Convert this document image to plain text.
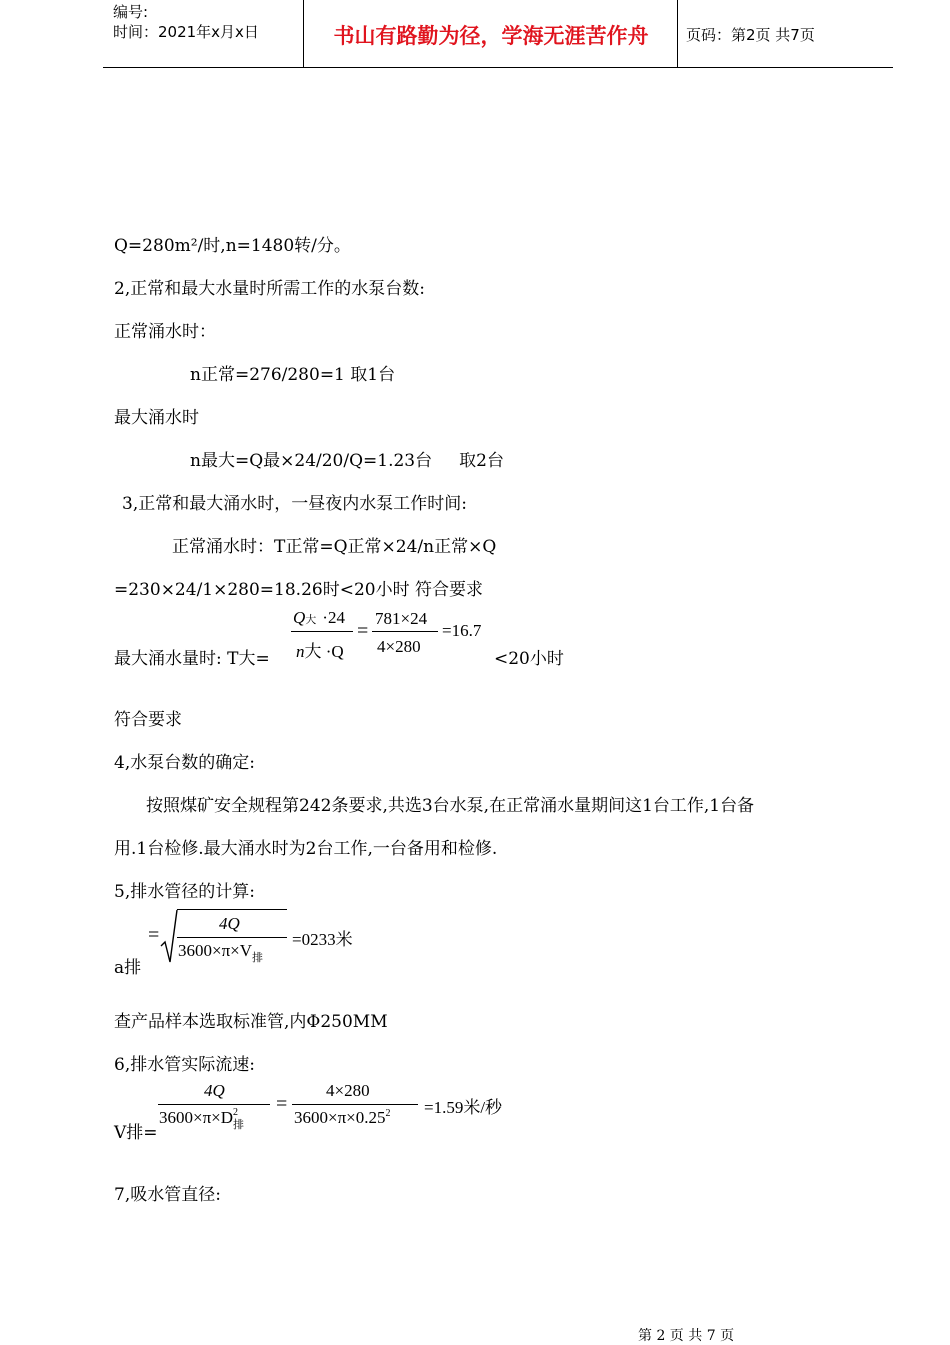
编号:
时间：2021年x月x日	书山有路勤为径，学海无涯苦作舟	页码：第2页 共7页
Q=280m²/时,n=1480转/分。
2,正常和最大水量时所需工作的水泵台数:
正常涌水时：
n正常=276/280=1 取1台
最大涌水时
n最大=Q最×24/20/Q=1.23台     取2台
3,正常和最大涌水时，一昼夜内水泵工作时间:
正常涌水时：T正常=Q正常×24/n正常×Q
=230×24/1×280=18.26时<20小时 符合要求
最大涌水量时: T大=
Q大 ·24
n大 ·Q
=
781×24
4×280
=16.7
<20小时
符合要求
4,水泵台数的确定:
按照煤矿安全规程第242条要求,共选3台水泵,在正常涌水量期间这1台工作,1台备
用.1台检修.最大涌水时为2台工作,一台备用和检修.
5,排水管径的计算:
=
4Q
$3600\times\pi\times V_排$
=0233米
a排
查产品样本选取标准管,内Φ250MM
6,排水管实际流速:
4Q
3600×π×D 2
排
=
4×280
$3600\times\pi\times 0.25^2 =1.59$米/秒
V排=
7,吸水管直径:
第 2 页 共 7 页
